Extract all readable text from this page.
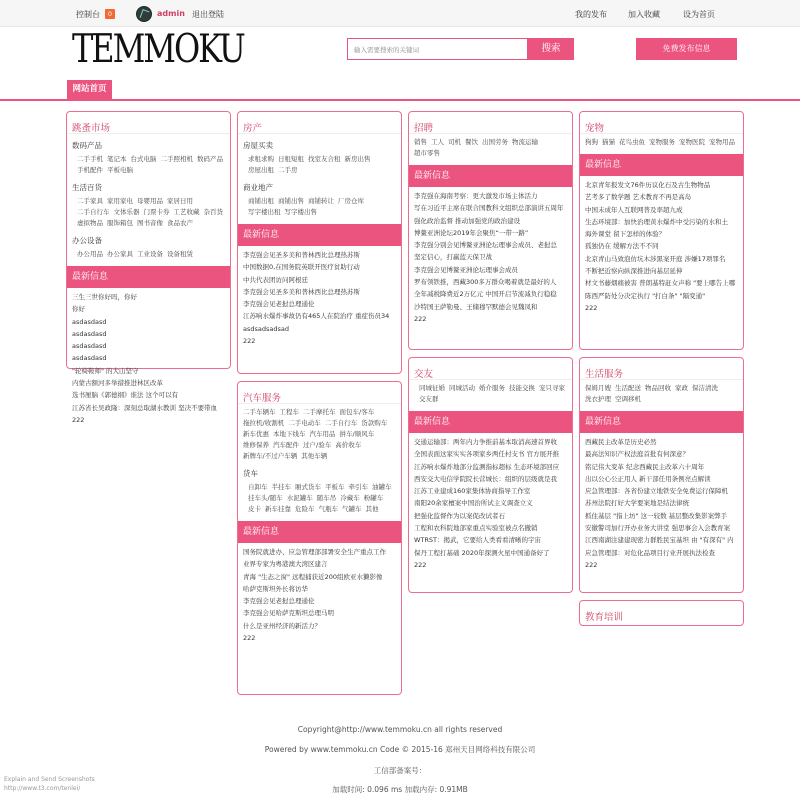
控制台	0	admin 退出登陆	我的发布	加入收藏	设为首页
TEMMOKU	输入需要搜索的关键词	搜索	免费发布信息
网站首页
跳蚤市场
数码产品
二手手机 笔记本 台式电脑 二手照相机 数码产品手机配件 平板电脑
生活百货
二手家具 家用家电 母婴用品 家居日用二手自行车 文体乐器 门票卡券 工艺收藏 杂百货虚拟物品 服饰箱包 图书音像 食品农产
办公设备
办公用品 办公家具 工业设备 设备租赁
最新信息
三生三世你好吗，你好
你好
asdasdasd
asdasdasd
asdasdasd
asdasdasd
"轮椅鞍师" 的大山坚守
内蒙古额河多举措推进林区改革
选书厘脑《郭德纲》谁法 这个可以有
江苏省长吴政隆：深刻总取湖水教训 坚决不要带血
222
房产
房屋买卖
求租求购 日租短租 找室友合租 新房出售房屋出租 二手房
商业地产
商铺出租 商铺出售 商铺转让 厂房仓库写字楼出租 写字楼出售
最新信息
李克强会见圣多美和普林西比总理热苏斯
中国数据0,在国务院英联开医疗贫助行动
中共代表团访问阿根廷
李克强会见圣多美和普林西比总理热苏斯
李克强会见老挝总理通伦
江苏响水爆炸事故仍有465人在院治疗 重症伤员34
asdsadsadsad
222
汽车服务
二手车辆车 工程车 二手摩托车 面包车/客车拖拉机/收割机 二手电动车 二手自行车 货款购车新车优惠 本地下线车 汽车用品 拼车/顺风车维修保养 汽车配件 过户/验车 高价收车新牌车/不过户车辆 其他车辆
货车
自卸车 半挂车 厢式货车 平板车 牵引车 油罐车挂车头/随车 水泥罐车 随车吊 冷藏车 粉罐车皮卡 新车挂靠 危险车 气瓶车 气罐车 其他
最新信息
国务院就进办、应急管理部部署安全生产重点工作
业界专家为粤港澳大湾区建言
青海 "生态之窗" 远程捕获近200组欧亚水獭影像
哈萨克斯坦外长将访华
李克强会见老挝总理通伦
李克强会见哈萨克斯坦总理马明
什么是亚州经济的新活力？
222
招聘
销售 工人 司机 餐饮 出国劳务 物流运输超市零售
最新信息
李克强在海南考察：更大激发市场主体活力
写在习近平主席在联合国教科文组织总部演讲五周年
强化政治监督 推动加强党的政治建设
博鳌亚洲论坛2019年会聚焦“一带一路”
李克强分别会见博鳌亚洲论坛理事会成员、老挝总
坚定信心，打赢蓝天保卫战
李克强会见博鳌亚洲论坛理事会成员
罗布领铁推，西藏300多万群众喝着就是最好的人
全年减税降费近2万亿元 中国开启节流减负行稳稳
沙特国王萨勒曼、王储穆罕默德会见魏凤和
222
交友
同城征婚 同城活动 婚介服务 技能交换 宠只寻家交友群
最新信息
交通运输部：两年内力争推前基本取消高速首界收
全国表面这家实实各项家乡两任村支书 官方展开推
江苏响水爆炸地部分监测指标超标 生态环境部回应
西安交大电信学院院长营城长：组织的层级就是我
江苏工业建成160家集体协商指导工作室
南阳20余家檀案中国治所试主义调查立义
把强化监督作为以案促改试者石
工程和农科院地部家重点实验室被点名撤销
WTRST：揭武，它要给人类看看清晰的宇宙
保丹工程打基础 2020年探测火星中国通备好了
222
宠物
狗狗 猫猫 花鸟虫鱼 宠物服务 宠物医院 宠物用品
最新信息
北京青年报发文76件历议化石及古生物物品
艺考多了数学题 艺术教育不再是高岛
中国未成年人互联网普及率超九成
生态环境部：加快治理黄水爆炸中受污染的水和土
海外课堂 留下怎样的体验？
孤独仍在 缓解方法不不同
北京青山马致泡仿坑木涉黑案开庭 涉嫌17项罪名
不断把近察向纵深推进向基层延伸
材文书藤烟痛被害 普朗基特赶女声称 "要上哪告上哪
陈西严防处分决定执行 "打白条" "隔变通"
222
生活服务
保姆月嫂 生活配送 物品回收 家政 保洁清洗洗衣护理 空调移机
最新信息
西藏民主改革是历史必然
最高法知识产权法庭首批有何深意？
铭记伟大变革 纪念西藏民主改革六十周年
出以公心公正用人 新干部任用条例亮点解读
应急管理部：各省份建立地铁安全免费运行保障机
苏州法院打好大学要案地是结法律统
抓住基层 "指上坊" 这一较数 基层整改集影案弊手
安徽警司加行开办业务大讲堂 强思事会入会教育案
江西南湖注建建现密力群胜民宝基坦 由 "有深有" 内
应急管理部：对危化品项目行业开展执法检查
222
教育培训
Copyright@http://www.temmoku.cn all rights reserved
Powered by www.temmoku.cn Code © 2015-16 郑州天目网络科技有限公司
工信部备案号：
加载时间: 0.096 ms 加载内存: 0.91MB
Explain and Send Screenshots
http://www.t3.com/tenlei/
